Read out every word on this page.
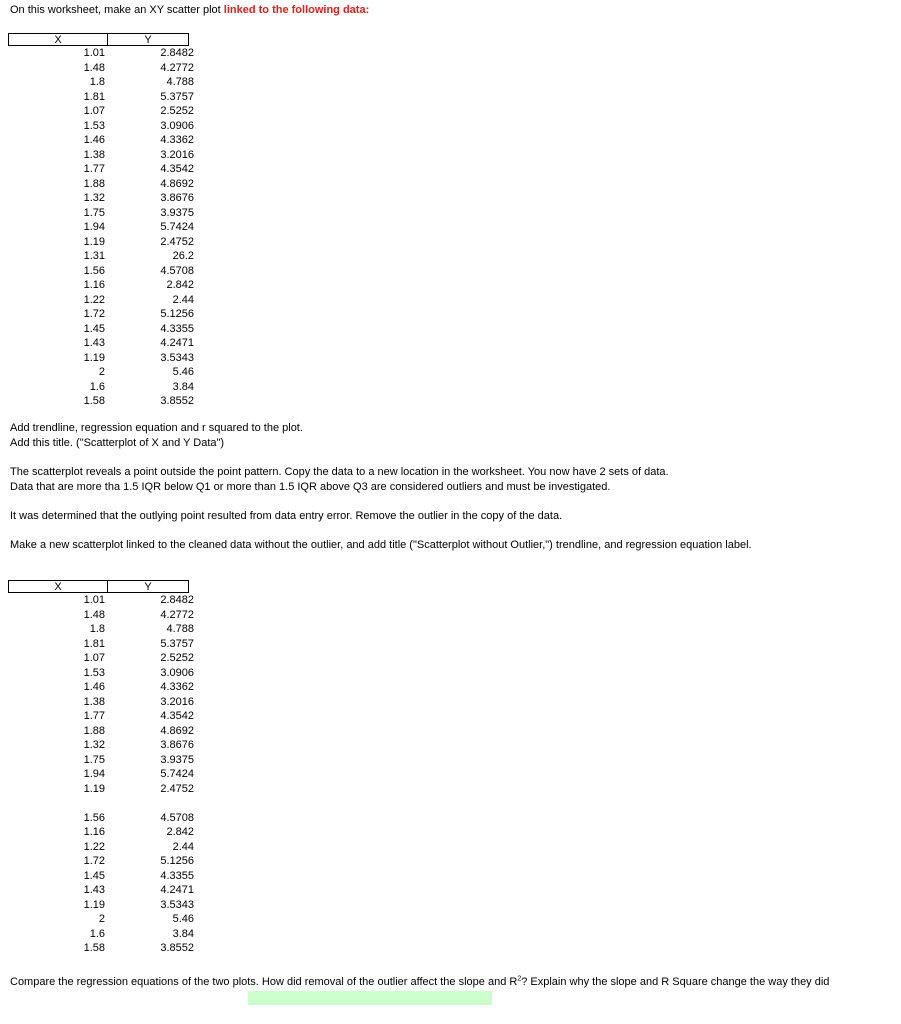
On this worksheet, make an XY scatter plot linked to the following data:
X	Y
1.01	2.8482
1.48	4.2772
1.8	4.788
1.81	5.3757
1.07	2.5252
1.53	3.0906
1.46	4.3362
1.38	3.2016
1.77	4.3542
1.88	4.8692
1.32	3.8676
1.75	3.9375
1.94	5.7424
1.19	2.4752
1.31	26.2
1.56	4.5708
1.16	2.842
1.22	2.44
1.72	5.1256
1.45	4.3355
1.43	4.2471
1.19	3.5343
2	5.46
1.6	3.84
1.58	3.8552
Add trendline, regression equation and r squared to the plot.
Add this title. ("Scatterplot of X and Y Data")
The scatterplot reveals a point outside the point pattern. Copy the data to a new location in the worksheet. You now have 2 sets of data.
Data that are more tha 1.5 IQR below Q1 or more than 1.5 IQR above Q3 are considered outliers and must be investigated.
It was determined that the outlying point resulted from data entry error. Remove the outlier in the copy of the data.
Make a new scatterplot linked to the cleaned data without the outlier, and add title ("Scatterplot without Outlier,") trendline, and regression equation label.
X	Y
1.01	2.8482
1.48	4.2772
1.8	4.788
1.81	5.3757
1.07	2.5252
1.53	3.0906
1.46	4.3362
1.38	3.2016
1.77	4.3542
1.88	4.8692
1.32	3.8676
1.75	3.9375
1.94	5.7424
1.19	2.4752
1.56	4.5708
1.16	2.842
1.22	2.44
1.72	5.1256
1.45	4.3355
1.43	4.2471
1.19	3.5343
2	5.46
1.6	3.84
1.58	3.8552
Compare the regression equations of the two plots. How did removal of the outlier affect the slope and $R^2$? Explain why the slope and R Square change the way they did
